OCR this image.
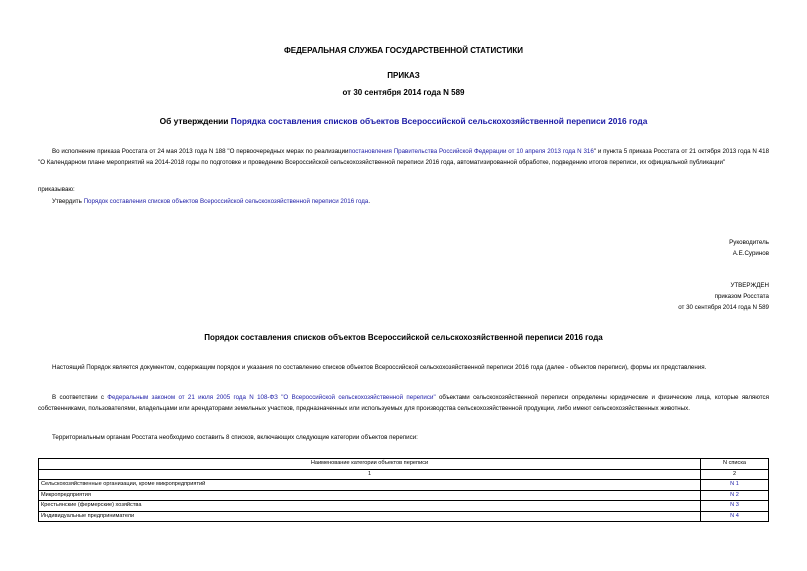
ФЕДЕРАЛЬНАЯ СЛУЖБА ГОСУДАРСТВЕННОЙ СТАТИСТИКИ
ПРИКАЗ
от 30 сентября 2014 года N 589
Об утверждении Порядка составления списков объектов Всероссийской сельскохозяйственной переписи 2016 года
Во исполнение приказа Росстата от 24 мая 2013 года N 188 "О первоочередных мерах по реализациипостановления Правительства Российской Федерации от 10 апреля 2013 года N 316" и пункта 5 приказа Росстата от 21 октября 2013 года N 418 "О Календарном плане мероприятий на 2014-2018 годы по подготовке и проведению Всероссийской сельскохозяйственной переписи 2016 года, автоматизированной обработке, подведению итогов переписи, их официальной публикации"
приказываю:
Утвердить Порядок составления списков объектов Всероссийской сельскохозяйственной переписи 2016 года.
Руководитель
А.Е.Суринов
УТВЕРЖДЕН
приказом Росстата
от 30 сентября 2014 года N 589
Порядок составления списков объектов Всероссийской сельскохозяйственной переписи 2016 года
Настоящий Порядок является документом, содержащим порядок и указания по составлению списков объектов Всероссийской сельскохозяйственной переписи 2016 года (далее - объектов переписи), формы их представления.
В соответствии с Федеральным законом от 21 июля 2005 года N 108-ФЗ "О Всероссийской сельскохозяйственной переписи" объектами сельскохозяйственной переписи определены юридические и физические лица, которые являются собственниками, пользователями, владельцами или арендаторами земельных участков, предназначенных или используемых для производства сельскохозяйственной продукции, либо имеют сельскохозяйственных животных.
Территориальным органам Росстата необходимо составить 8 списков, включающих следующие категории объектов переписи:
Наименование категории объектов переписи	N списка
1	2
Сельскохозяйственные организации, кроме микропредприятий	N 1
Микропредприятия	N 2
Крестьянские (фермерские) хозяйства	N 3
Индивидуальные предприниматели	N 4
